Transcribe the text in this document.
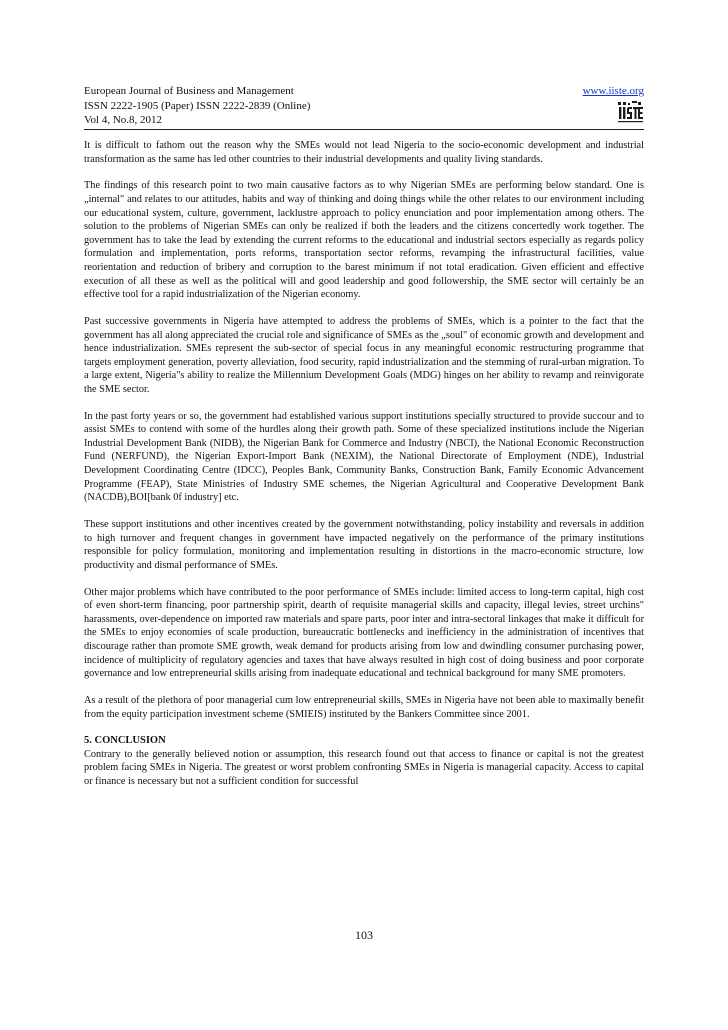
European Journal of Business and Management
ISSN 2222-1905 (Paper) ISSN 2222-2839 (Online)
Vol 4, No.8, 2012
www.iiste.org

It is difficult to fathom out the reason why the SMEs would not lead Nigeria to the socio-economic development and industrial transformation as the same has led other countries to their industrial developments and quality living standards.

The findings of this research point to two main causative factors as to why Nigerian SMEs are performing below standard. One is „internal" and relates to our attitudes, habits and way of thinking and doing things while the other relates to our environment including our educational system, culture, government, lacklustre approach to policy enunciation and poor implementation among others. The solution to the problems of Nigerian SMEs can only be realized if both the leaders and the citizens concertedly work together. The government has to take the lead by extending the current reforms to the educational and industrial sectors especially as regards policy formulation and implementation, ports reforms, transportation sector reforms, revamping the infrastructural facilities, value reorientation and reduction of bribery and corruption to the barest minimum if not total eradication. Given efficient and effective execution of all these as well as the political will and good leadership and good followership, the SME sector will certainly be an effective tool for a rapid industrialization of the Nigerian economy.

Past successive governments in Nigeria have attempted to address the problems of SMEs, which is a pointer to the fact that the government has all along appreciated the crucial role and significance of SMEs as the „soul" of economic growth and development and hence industrialization. SMEs represent the sub-sector of special focus in any meaningful economic restructuring programme that targets employment generation, poverty alleviation, food security, rapid industrialization and the stemming of rural-urban migration. To a large extent, Nigeria"s ability to realize the Millennium Development Goals (MDG) hinges on her ability to revamp and reinvigorate the SME sector.

In the past forty years or so, the government had established various support institutions specially structured to provide succour and to assist SMEs to contend with some of the hurdles along their growth path. Some of these specialized institutions include the Nigerian Industrial Development Bank (NIDB), the Nigerian Bank for Commerce and Industry (NBCI), the National Economic Reconstruction Fund (NERFUND), the Nigerian Export-Import Bank (NEXIM), the National Directorate of Employment (NDE), Industrial Development Coordinating Centre (IDCC), Peoples Bank, Community Banks, Construction Bank, Family Economic Advancement Programme (FEAP), State Ministries of Industry SME schemes, the Nigerian Agricultural and Cooperative Development Bank (NACDB),BOI[bank 0f industry] etc.

These support institutions and other incentives created by the government notwithstanding, policy instability and reversals in addition to high turnover and frequent changes in government have impacted negatively on the performance of the primary institutions responsible for policy formulation, monitoring and implementation resulting in distortions in the macro-economic structure, low productivity and dismal performance of SMEs.

Other major problems which have contributed to the poor performance of SMEs include: limited access to long-term capital, high cost of even short-term financing, poor partnership spirit, dearth of requisite managerial skills and capacity, illegal levies, street urchins" harassments, over-dependence on imported raw materials and spare parts, poor inter and intra-sectoral linkages that make it difficult for the SMEs to enjoy economies of scale production, bureaucratic bottlenecks and inefficiency in the administration of incentives that discourage rather than promote SME growth, weak demand for products arising from low and dwindling consumer purchasing power, incidence of multiplicity of regulatory agencies and taxes that have always resulted in high cost of doing business and poor corporate governance and low entrepreneurial skills arising from inadequate educational and technical background for many SME promoters.

As a result of the plethora of poor managerial cum low entrepreneurial skills, SMEs in Nigeria have not been able to maximally benefit from the equity participation investment scheme (SMIEIS) instituted by the Bankers Committee since 2001.

5. CONCLUSION

Contrary to the generally believed notion or assumption, this research found out that access to finance or capital is not the greatest problem facing SMEs in Nigeria. The greatest or worst problem confronting SMEs in Nigeria is managerial capacity. Access to capital or finance is necessary but not a sufficient condition for successful

103
